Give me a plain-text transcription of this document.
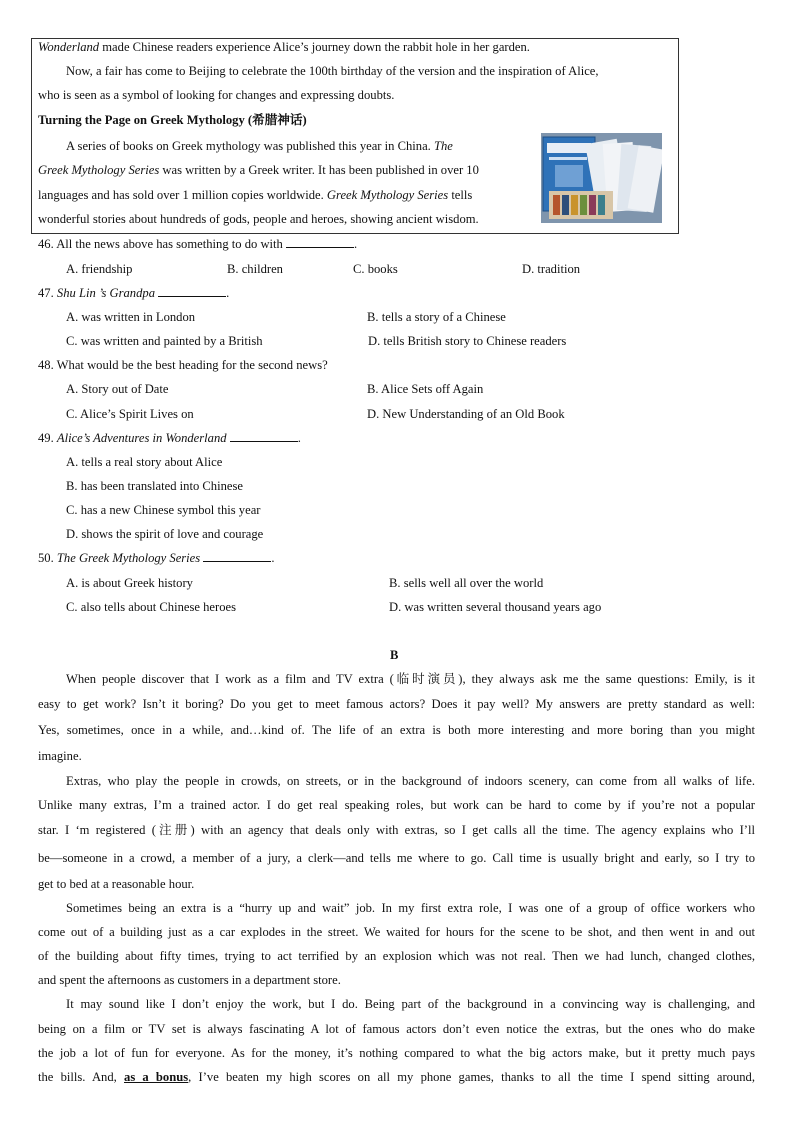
Wonderland made Chinese readers experience Alice’s journey down the rabbit hole in her garden.
Now, a fair has come to Beijing to celebrate the 100th birthday of the version and the inspiration of Alice,
who is seen as a symbol of looking for changes and expressing doubts.
Turning the Page on Greek Mythology (希腊神话)
A series of books on Greek mythology was published this year in China. The
Greek Mythology Series was written by a Greek writer. It has been published in over 10
languages and has sold over 1 million copies worldwide. Greek Mythology Series tells
wonderful stories about hundreds of gods, people and heroes, showing ancient wisdom.
46. All the news above has something to do with	.
A. friendship	B. children	C. books	D. tradition
47. Shu Lin ’s Grandpa	.
A. was written in London	B. tells a story of a Chinese
C. was written and painted by a British	D. tells British story to Chinese readers
48. What would be the best heading for the second news?
A. Story out of Date	B. Alice Sets off Again
C. Alice’s Spirit Lives on	D. New Understanding of an Old Book
49. Alice’s Adventures in Wonderland	.
A. tells a real story about Alice
B. has been translated into Chinese
C. has a new Chinese symbol this year
D. shows the spirit of love and courage
50. The Greek Mythology Series	.
A. is about Greek history	B. sells well all over the world
C. also tells about Chinese heroes	D. was written several thousand years ago
B
When people discover that I work as a film and TV extra (临时演员), they always ask me the same questions: Emily, is it
easy to get work? Isn’t it boring? Do you get to meet famous actors? Does it pay well? My answers are pretty standard as well:
Yes, sometimes, once in a while, and…kind of. The life of an extra is both more interesting and more boring than you might
imagine.
Extras, who play the people in crowds, on streets, or in the background of indoors scenery, can come from all walks of life.
Unlike many extras, I’m a trained actor. I do get real speaking roles, but work can be hard to come by if you’re not a popular
star. I ‘m registered (注册) with an agency that deals only with extras, so I get calls all the time. The agency explains who I’ll
be—someone in a crowd, a member of a jury, a clerk—and tells me where to go. Call time is usually bright and early, so I try to
get to bed at a reasonable hour.
Sometimes being an extra is a “hurry up and wait” job. In my first extra role, I was one of a group of office workers who
come out of a building just as a car explodes in the street. We waited for hours for the scene to be shot, and then went in and out
of the building about fifty times, trying to act terrified by an explosion which was not real. Then we had lunch, changed clothes,
and spent the afternoons as customers in a department store.
It may sound like I don’t enjoy the work, but I do. Being part of the background in a convincing way is challenging, and
being on a film or TV set is always fascinating A lot of famous actors don’t even notice the extras, but the ones who do make
the job a lot of fun for everyone. As for the money, it’s nothing compared to what the big actors make, but it pretty much pays
the bills. And, as a bonus, I’ve beaten my high scores on all my phone games, thanks to all the time I spend sitting around,
